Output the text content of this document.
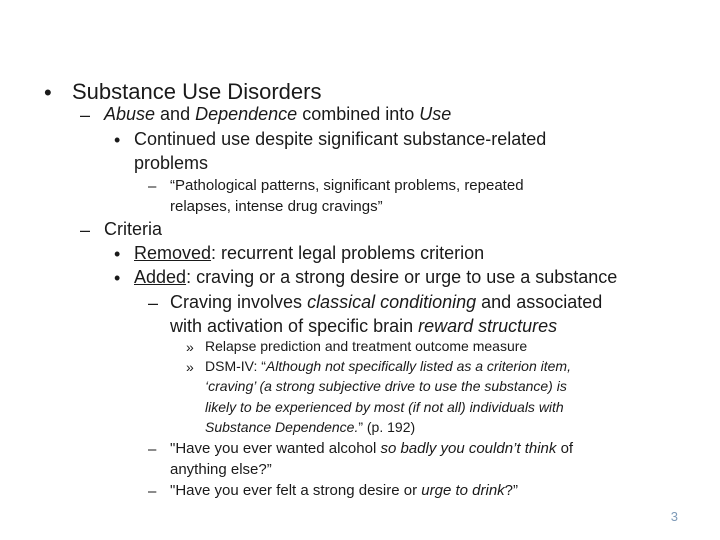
• Substance Use Disorders
– Abuse and Dependence combined into Use
• Continued use despite significant substance-related
problems
– “Pathological patterns, significant problems, repeated
relapses, intense drug cravings”
– Criteria
• Removed: recurrent legal problems criterion
• Added: craving or a strong desire or urge to use a substance
– Craving involves classical conditioning and associated
with activation of specific brain reward structures
» Relapse prediction and treatment outcome measure
» DSM-IV: “Although not specifically listed as a criterion item,
‘craving’ (a strong subjective drive to use the substance) is
likely to be experienced by most (if not all) individuals with
Substance Dependence.” (p. 192)
– "Have you ever wanted alcohol so badly you couldn’t think of
anything else?”
– "Have you ever felt a strong desire or urge to drink?”
3
